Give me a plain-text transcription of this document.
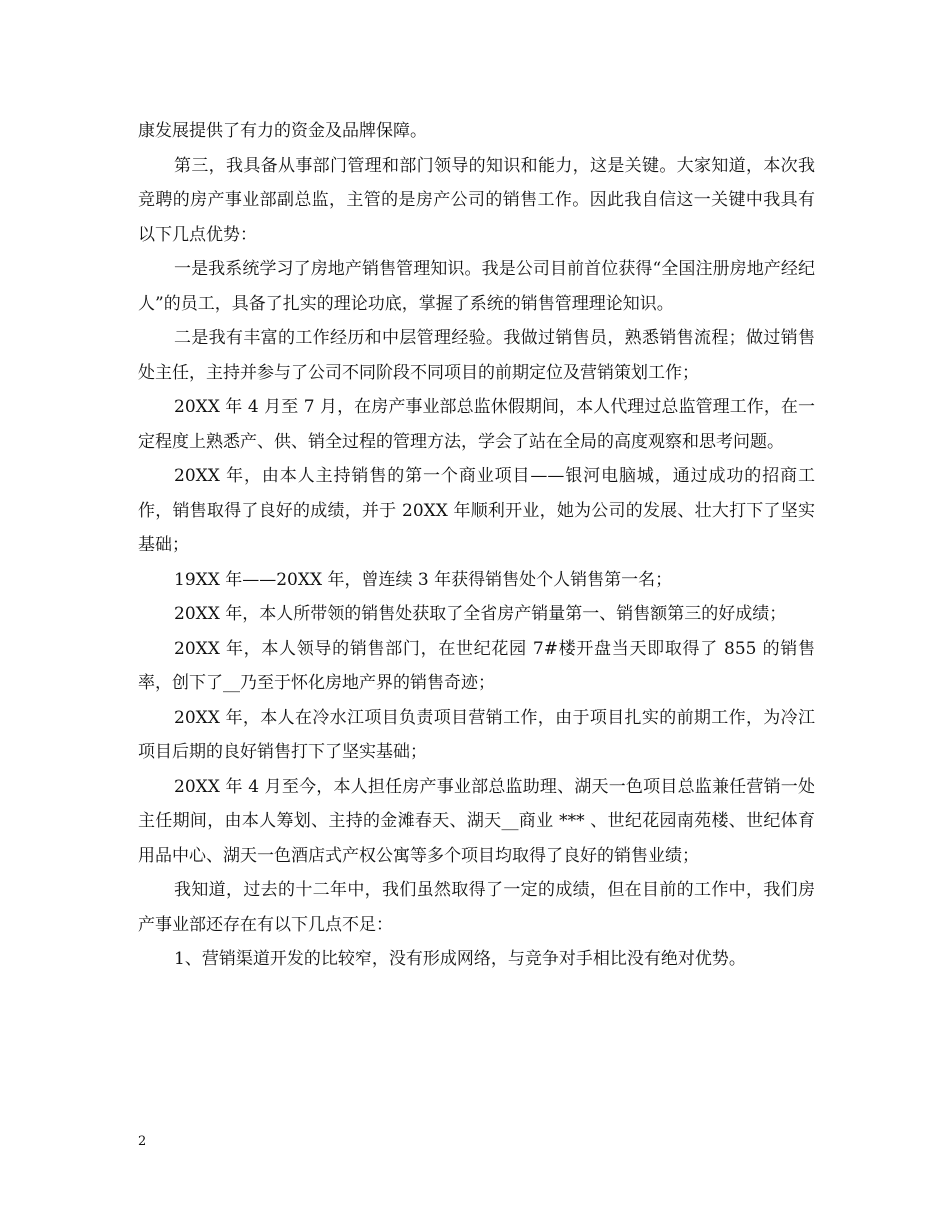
康发展提供了有力的资金及品牌保障。

第三，我具备从事部门管理和部门领导的知识和能力，这是关键。大家知道，本次我竞聘的房产事业部副总监，主管的是房产公司的销售工作。因此我自信这一关键中我具有以下几点优势：

一是我系统学习了房地产销售管理知识。我是公司目前首位获得“全国注册房地产经纪人”的员工，具备了扎实的理论功底，掌握了系统的销售管理理论知识。

二是我有丰富的工作经历和中层管理经验。我做过销售员，熟悉销售流程；做过销售处主任，主持并参与了公司不同阶段不同项目的前期定位及营销策划工作；

20XX 年 4 月至 7 月，在房产事业部总监休假期间，本人代理过总监管理工作，在一定程度上熟悉产、供、销全过程的管理方法，学会了站在全局的高度观察和思考问题。

20XX 年，由本人主持销售的第一个商业项目——银河电脑城，通过成功的招商工作，销售取得了良好的成绩，并于 20XX 年顺利开业，她为公司的发展、壮大打下了坚实基础；

19XX 年——20XX 年，曾连续 3 年获得销售处个人销售第一名；

20XX 年，本人所带领的销售处获取了全省房产销量第一、销售额第三的好成绩；

20XX 年，本人领导的销售部门，在世纪花园 7#楼开盘当天即取得了 855 的销售率，创下了__乃至于怀化房地产界的销售奇迹；

20XX 年，本人在冷水江项目负责项目营销工作，由于项目扎实的前期工作，为冷江项目后期的良好销售打下了坚实基础；

20XX 年 4 月至今，本人担任房产事业部总监助理、湖天一色项目总监兼任营销一处主任期间，由本人筹划、主持的金滩春天、湖天__商业 *** 、世纪花园南苑楼、世纪体育用品中心、湖天一色酒店式产权公寓等多个项目均取得了良好的销售业绩；

我知道，过去的十二年中，我们虽然取得了一定的成绩，但在目前的工作中，我们房产事业部还存在有以下几点不足：

1、营销渠道开发的比较窄，没有形成网络，与竞争对手相比没有绝对优势。

2
